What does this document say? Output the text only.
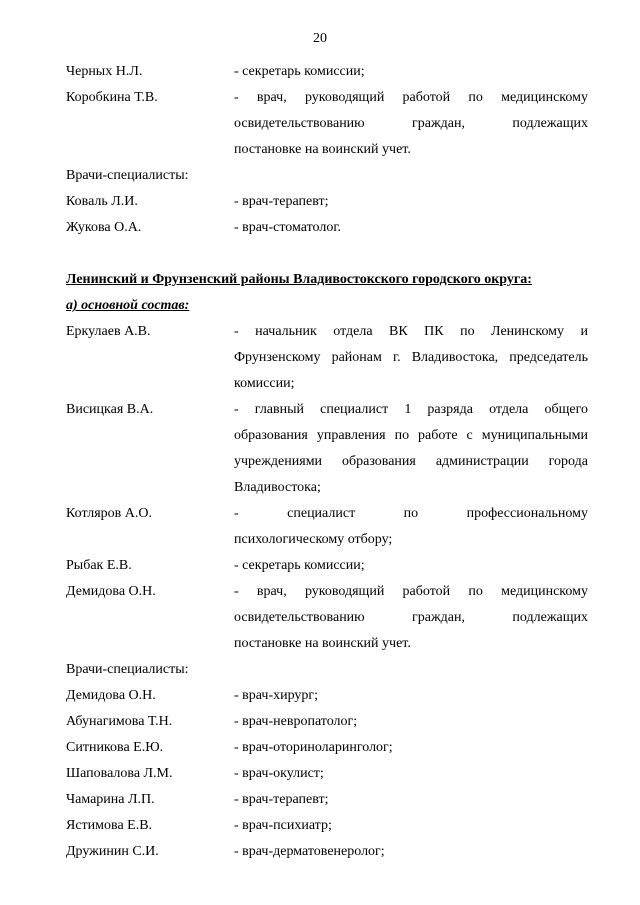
20
Черных Н.Л.	- секретарь комиссии;
Коробкина Т.В.	- врач, руководящий работой по медицинскому
освидетельствованию граждан, подлежащих
постановке на воинский учет.
Врачи-специалисты:
Коваль Л.И.	- врач-терапевт;
Жукова О.А.	- врач-стоматолог.
Ленинский и Фрунзенский районы Владивостокского городского округа:
а) основной состав:
Еркулаев А.В.	- начальник отдела ВК ПК по Ленинскому и
Фрунзенскому районам г. Владивостока, председатель
комиссии;
Висицкая В.А.	- главный специалист 1 разряда отдела общего
образования управления по работе с муниципальными
учреждениями образования администрации города
Владивостока;
Котляров А.О.	- специалист по профессиональному
психологическому отбору;
Рыбак Е.В.	- секретарь комиссии;
Демидова О.Н.	- врач, руководящий работой по медицинскому
освидетельствованию граждан, подлежащих
постановке на воинский учет.
Врачи-специалисты:
Демидова О.Н.	- врач-хирург;
Абунагимова Т.Н.	- врач-невропатолог;
Ситникова Е.Ю.	- врач-оториноларинголог;
Шаповалова Л.М.	- врач-окулист;
Чамарина Л.П.	- врач-терапевт;
Ястимова Е.В.	- врач-психиатр;
Дружинин С.И.	- врач-дерматовенеролог;
